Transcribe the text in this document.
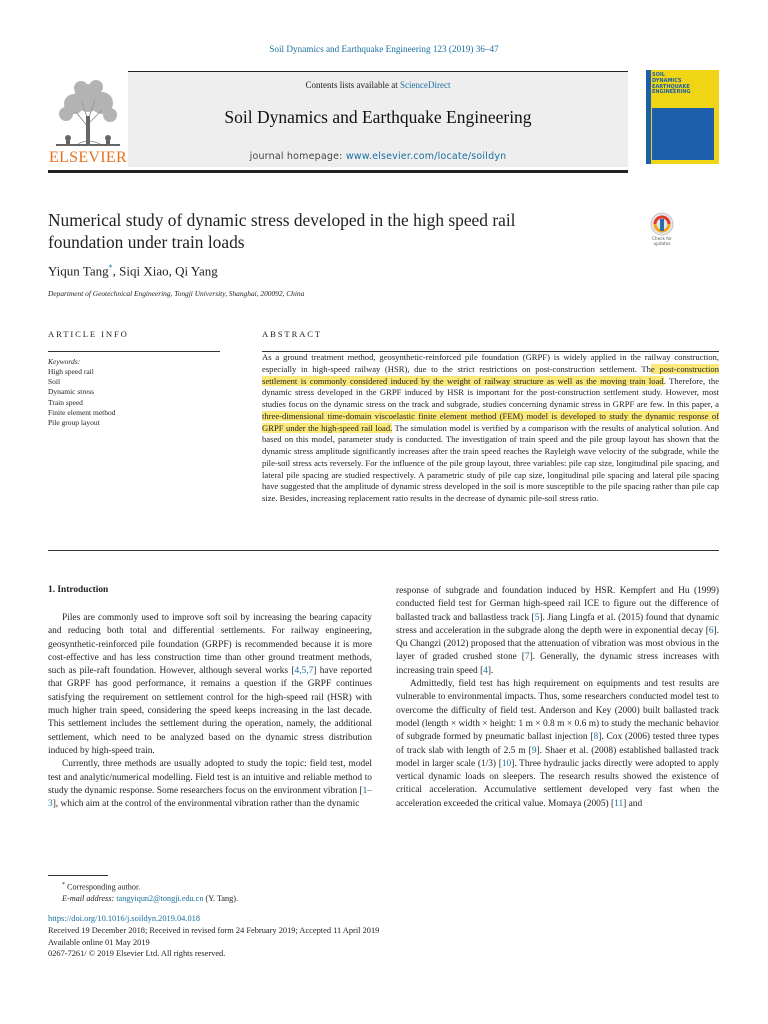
Soil Dynamics and Earthquake Engineering 123 (2019) 36–47
Contents lists available at ScienceDirect
Soil Dynamics and Earthquake Engineering
journal homepage: www.elsevier.com/locate/soildyn
ELSEVIER
SOIL
DYNAMICS
EARTHQUAKE
ENGINEERING
Numerical study of dynamic stress developed in the high speed rail
foundation under train loads	Check for
updates
Yiqun Tang*, Siqi Xiao, Qi Yang
Department of Geotechnical Engineering, Tongji University, Shanghai, 200092, China
ARTICLE INFO	ABSTRACT
Keywords:
High speed rail
Soil
Dynamic stress
Train speed
Finite element method
Pile group layout

As a ground treatment method, geosynthetic-reinforced pile foundation (GRPF) is widely applied in the railway construction, especially in high-speed railway (HSR), due to the strict restrictions on post-construction settlement. The post-construction settlement is commonly considered induced by the weight of railway structure as well as the moving train load. Therefore, the dynamic stress developed in the GRPF induced by HSR is important for the post-construction settlement study. However, most studies focus on the dynamic stress on the track and subgrade, studies concerning dynamic stress in GRPF are few. In this paper, a three-dimensional time-domain viscoelastic finite element method (FEM) model is developed to study the dynamic response of GRPF under the high-speed rail load. The simulation model is verified by a comparison with the results of analytical solution. And based on this model, parameter study is conducted. The investigation of train speed and the pile group layout has shown that the dynamic stress amplitude significantly increases after the train speed reaches the Rayleigh wave velocity of the subgrade, while the pile-soil stress acts reversely. For the influence of the pile group layout, three variables: pile cap size, longitudinal pile spacing, and lateral pile spacing are studied respectively. A parametric study of pile cap size, longitudinal pile spacing and lateral pile spacing have suggested that the amplitude of dynamic stress developed in the soil is more susceptible to the pile spacing rather than pile cap size. Besides, increasing replacement ratio results in the decrease of dynamic pile-soil stress ratio.

1. Introduction

Piles are commonly used to improve soft soil by increasing the bearing capacity and reducing both total and differential settlements. For railway engineering, geosynthetic-reinforced pile foundation (GRPF) is recommended because it is more cost-effective and has less construction time than other ground treatment methods, such as pile-raft foundation. However, although several works [4,5,7] have reported that GRPF has good performance, it remains a question if the GRPF continues satisfying the requirement on settlement control for the high-speed rail (HSR) with much higher train speed, considering the speed keeps increasing in the last decade. This settlement includes the settlement during the operation, namely, the additional settlement, which need to be analyzed based on the dynamic stress distribution induced by high-speed train.

Currently, three methods are usually adopted to study the topic: field test, model test and analytic/numerical modelling. Field test is an intuitive and reliable method to study the dynamic response. Some researchers focus on the environment vibration [1–3], which aim at the control of the environmental vibration rather than the dynamic

response of subgrade and foundation induced by HSR. Kempfert and Hu (1999) conducted field test for German high-speed rail ICE to figure out the difference of ballasted track and ballastless track [5]. Jiang Lingfa et al. (2015) found that dynamic stress and acceleration in the subgrade along the depth were in exponential decay [6]. Qu Changzi (2012) proposed that the attenuation of vibration was most obvious in the layer of graded crushed stone [7]. Generally, the dynamic stress increases with increasing train speed [4].

Admittedly, field test has high requirement on equipments and test results are vulnerable to environmental impacts. Thus, some researchers conducted model test to overcome the difficulty of field test. Anderson and Key (2000) built ballasted track model (length × width × height: 1 m × 0.8 m × 0.6 m) to study the mechanic behavior of subgrade formed by pneumatic ballast injection [8]. Cox (2006) tested three types of track slab with length of 2.5 m [9]. Shaer et al. (2008) established ballasted track model in larger scale (1/3) [10]. Three hydraulic jacks directly were adopted to apply vertical dynamic loads on sleepers. The research results showed the existence of critical acceleration. Accumulative settlement developed very fast when the acceleration exceeded the critical value. Momaya (2005) [11] and

* Corresponding author.
E-mail address: tangyiqun2@tongji.edu.cn (Y. Tang).
https://doi.org/10.1016/j.soildyn.2019.04.018
Received 19 December 2018; Received in revised form 24 February 2019; Accepted 11 April 2019
Available online 01 May 2019
0267-7261/ © 2019 Elsevier Ltd. All rights reserved.
